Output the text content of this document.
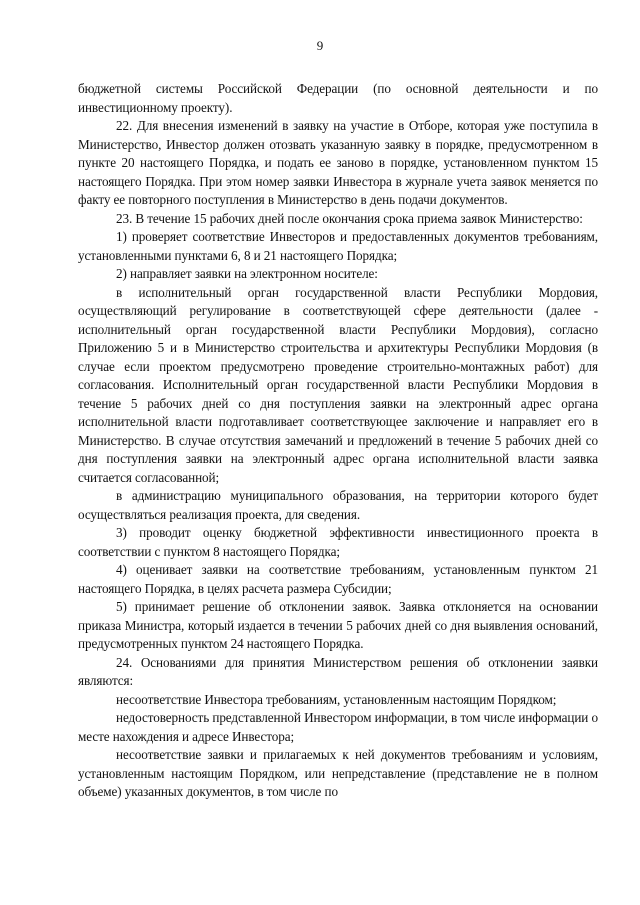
9

бюджетной системы Российской Федерации (по основной деятельности и по инвестиционному проекту).

22. Для внесения изменений в заявку на участие в Отборе, которая уже поступила в Министерство, Инвестор должен отозвать указанную заявку в порядке, предусмотренном в пункте 20 настоящего Порядка, и подать ее заново в порядке, установленном пунктом 15 настоящего Порядка. При этом номер заявки Инвестора в журнале учета заявок меняется по факту ее повторного поступления в Министерство в день подачи документов.

23. В течение 15 рабочих дней после окончания срока приема заявок Министерство:

1) проверяет соответствие Инвесторов и предоставленных документов требованиям, установленными пунктами 6, 8 и 21 настоящего Порядка;

2) направляет заявки на электронном носителе:

в исполнительный орган государственной власти Республики Мордовия, осуществляющий регулирование в соответствующей сфере деятельности (далее - исполнительный орган государственной власти Республики Мордовия), согласно Приложению 5 и в Министерство строительства и архитектуры Республики Мордовия (в случае если проектом предусмотрено проведение строительно-монтажных работ) для согласования. Исполнительный орган государственной власти Республики Мордовия в течение 5 рабочих дней со дня поступления заявки на электронный адрес органа исполнительной власти подготавливает соответствующее заключение и направляет его в Министерство. В случае отсутствия замечаний и предложений в течение 5 рабочих дней со дня поступления заявки на электронный адрес органа исполнительной власти заявка считается согласованной;

в администрацию муниципального образования, на территории которого будет осуществляться реализация проекта, для сведения.

3) проводит оценку бюджетной эффективности инвестиционного проекта в соответствии с пунктом 8 настоящего Порядка;

4) оценивает заявки на соответствие требованиям, установленным пунктом 21 настоящего Порядка, в целях расчета размера Субсидии;

5) принимает решение об отклонении заявок. Заявка отклоняется на основании приказа Министра, который издается в течении 5 рабочих дней со дня выявления оснований, предусмотренных пунктом 24 настоящего Порядка.

24. Основаниями для принятия Министерством решения об отклонении заявки являются:

несоответствие Инвестора требованиям, установленным настоящим Порядком;

недостоверность представленной Инвестором информации, в том числе информации о месте нахождения и адресе Инвестора;

несоответствие заявки и прилагаемых к ней документов требованиям и условиям, установленным настоящим Порядком, или непредставление (представление не в полном объеме) указанных документов, в том числе по
